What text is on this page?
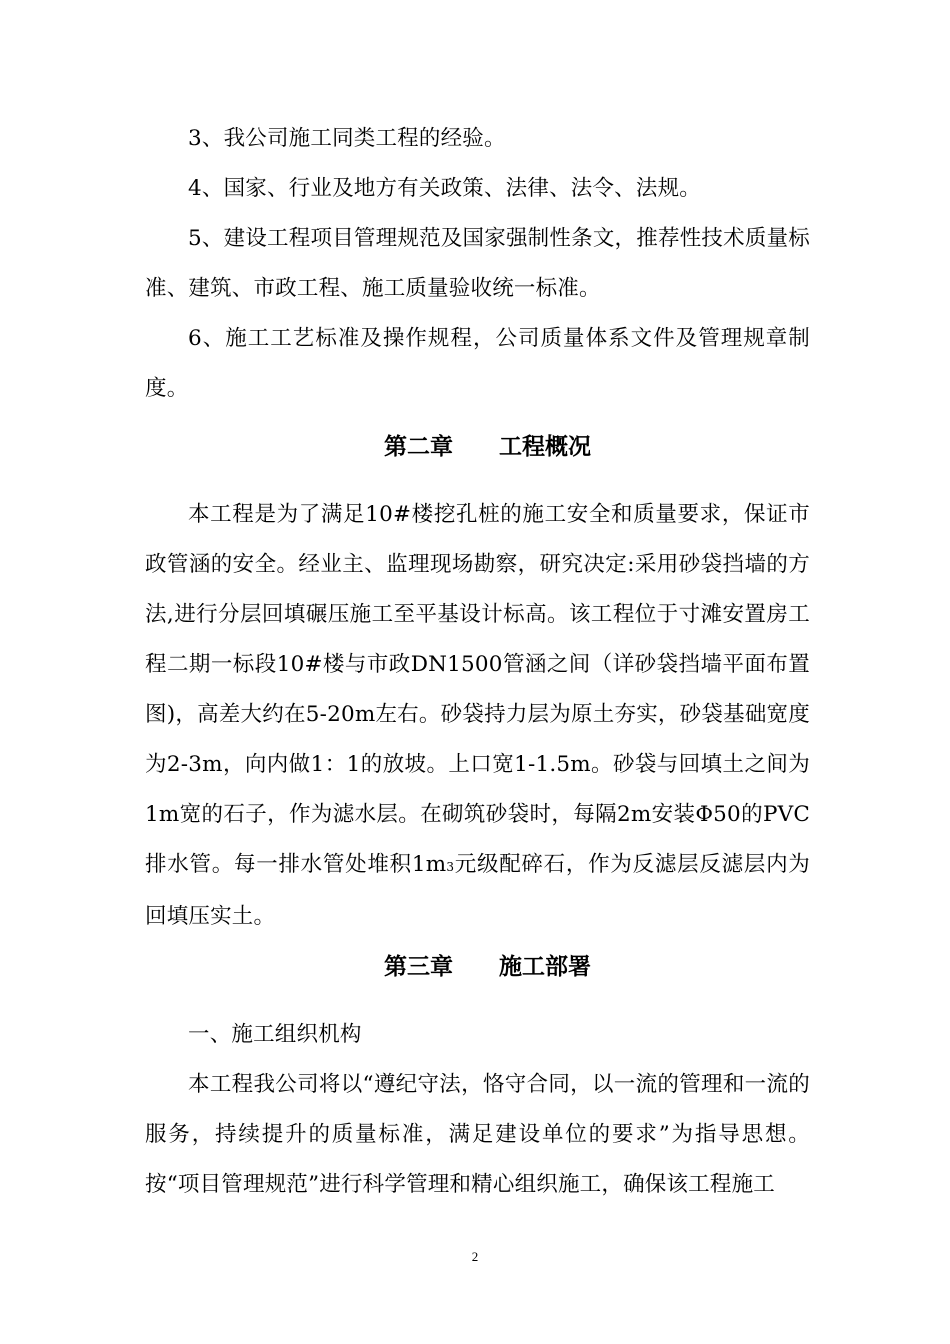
3、我公司施工同类工程的经验。

4、国家、行业及地方有关政策、法律、法令、法规。

5、建设工程项目管理规范及国家强制性条文，推荐性技术质量标准、建筑、市政工程、施工质量验收统一标准。

6、施工工艺标准及操作规程，公司质量体系文件及管理规章制度。

第二章　　工程概况

本工程是为了满足10#楼挖孔桩的施工安全和质量要求，保证市政管涵的安全。经业主、监理现场勘察，研究决定:采用砂袋挡墙的方法,进行分层回填碾压施工至平基设计标高。该工程位于寸滩安置房工程二期一标段10#楼与市政DN1500管涵之间（详砂袋挡墙平面布置图)，高差大约在5-20m左右。砂袋持力层为原土夯实，砂袋基础宽度为2-3m，向内做1：1的放坡。上口宽1-1.5m。砂袋与回填土之间为1m宽的石子，作为滤水层。在砌筑砂袋时，每隔2m安装Φ50的PVC排水管。每一排水管处堆积1m3元级配碎石，作为反滤层反滤层内为回填压实土。

第三章　　施工部署

一、施工组织机构

本工程我公司将以“遵纪守法，恪守合同，以一流的管理和一流的服务，持续提升的质量标准，满足建设单位的要求”为指导思想。按“项目管理规范”进行科学管理和精心组织施工，确保该工程施工

2
